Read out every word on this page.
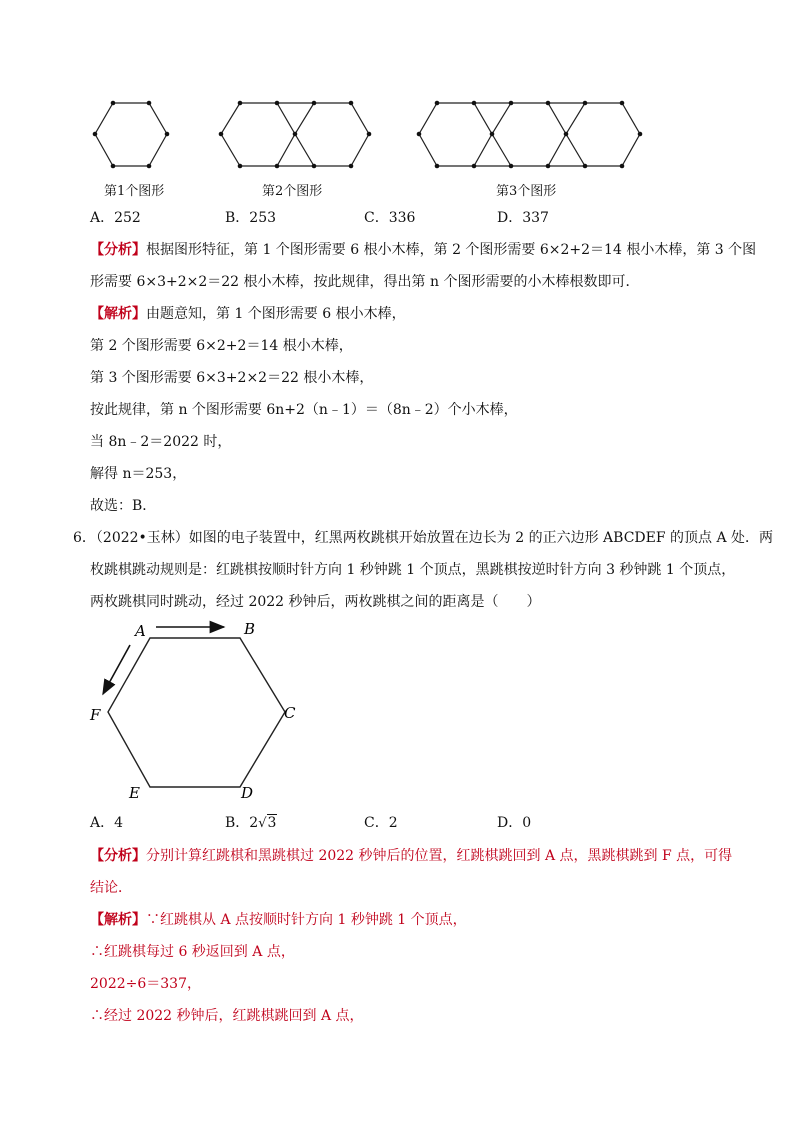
第1个图形	第2个图形	第3个图形
A．252	B．253	C．336	D．337
【分析】根据图形特征，第 1 个图形需要 6 根小木棒，第 2 个图形需要 6×2+2＝14 根小木棒，第 3 个图
形需要 6×3+2×2＝22 根小木棒，按此规律，得出第 n 个图形需要的小木棒根数即可．
【解析】由题意知，第 1 个图形需要 6 根小木棒，
第 2 个图形需要 6×2+2＝14 根小木棒，
第 3 个图形需要 6×3+2×2＝22 根小木棒，
按此规律，第 n 个图形需要 6n+2（n﹣1）＝（8n﹣2）个小木棒，
当 8n﹣2＝2022 时，
解得 n＝253，
故选：B．
6．（2022•玉林）如图的电子装置中，红黑两枚跳棋开始放置在边长为 2 的正六边形 ABCDEF 的顶点 A 处．两
枚跳棋跳动规则是：红跳棋按顺时针方向 1 秒钟跳 1 个顶点，黑跳棋按逆时针方向 3 秒钟跳 1 个顶点，
两枚跳棋同时跳动，经过 2022 秒钟后，两枚跳棋之间的距离是（　　）
A	B
C
D
E
F
A．4	B．2√3	C．2	D．0
【分析】分别计算红跳棋和黑跳棋过 2022 秒钟后的位置，红跳棋跳回到 A 点，黑跳棋跳到 F 点，可得
结论．
【解析】∵红跳棋从 A 点按顺时针方向 1 秒钟跳 1 个顶点，
∴红跳棋每过 6 秒返回到 A 点，
2022÷6＝337，
∴经过 2022 秒钟后，红跳棋跳回到 A 点，
